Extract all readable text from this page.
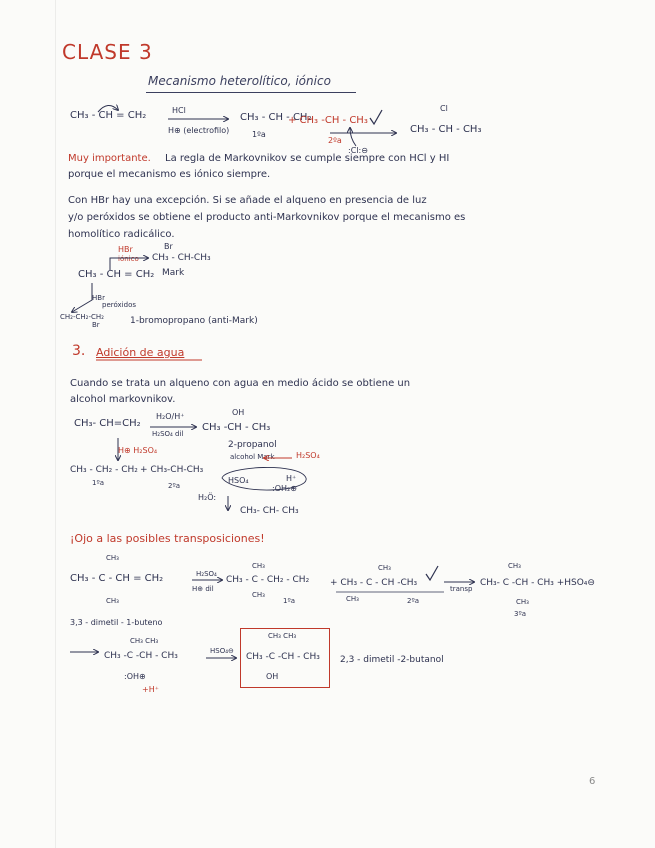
CLASE 3
Mecanismo heterolítico, iónico
CH₃ - CH = CH₂	HCl
H⊕ (electrofilo)
CH₃ - CH - CH₂
1ºa
+ CH₃ -CH - CH₃
2ºa
:Cl:⊖
Cl
CH₃ - CH - CH₃
Muy importante. La regla de Markovnikov se cumple siempre con HCl y HI
porque el mecanismo es iónico siempre.
Con HBr hay una excepción. Si se añade el alqueno en presencia de luz
y/o peróxidos se obtiene el producto anti-Markovnikov porque el mecanismo es
homolítico radicálico.
HBr
iónico
Br
CH₃ - CH-CH₃
Mark
CH₃ - CH = CH₂
HBr
peróxidos
CH₂-CH₂-CH₂
Br	1-bromopropano (anti-Mark)
3. Adición de agua
Cuando se trata un alqueno con agua en medio ácido se obtiene un
alcohol markovnikov.
CH₃- CH=CH₂
H₂O/H⁺
H₂SO₄ dil
OH
CH₃ -CH - CH₃
2-propanol
alcohol Mark
H⊕ H₂SO₄
H₂SO₄
CH₃ - CH₂ - CH₂
1ºa
+ CH₃-CH-CH₃
2ºa
HSO₄
:OH₂⊕
H⁺
H₂Ö:
CH₃- CH- CH₃
¡Ojo a las posibles transposiciones!
CH₃
CH₃ - C - CH = CH₂
CH₃
H₂SO₄
H⊕ dil
CH₃
CH₃ - C - CH₂ - CH₂
CH₃
1ºa
CH₃
+ CH₃ - C - CH -CH₃
CH₃	2ºa
transp
CH₃
CH₃- C -CH - CH₃ +HSO₄⊖
CH₃
3ºa
3,3 - dimetil - 1-buteno
CH₃ CH₃
CH₃ -C -CH - CH₃
:OH⊕
+H⁺
HSO₄⊖
CH₃ CH₃
CH₃ -C -CH - CH₃
OH
2,3 - dimetil -2-butanol
6
